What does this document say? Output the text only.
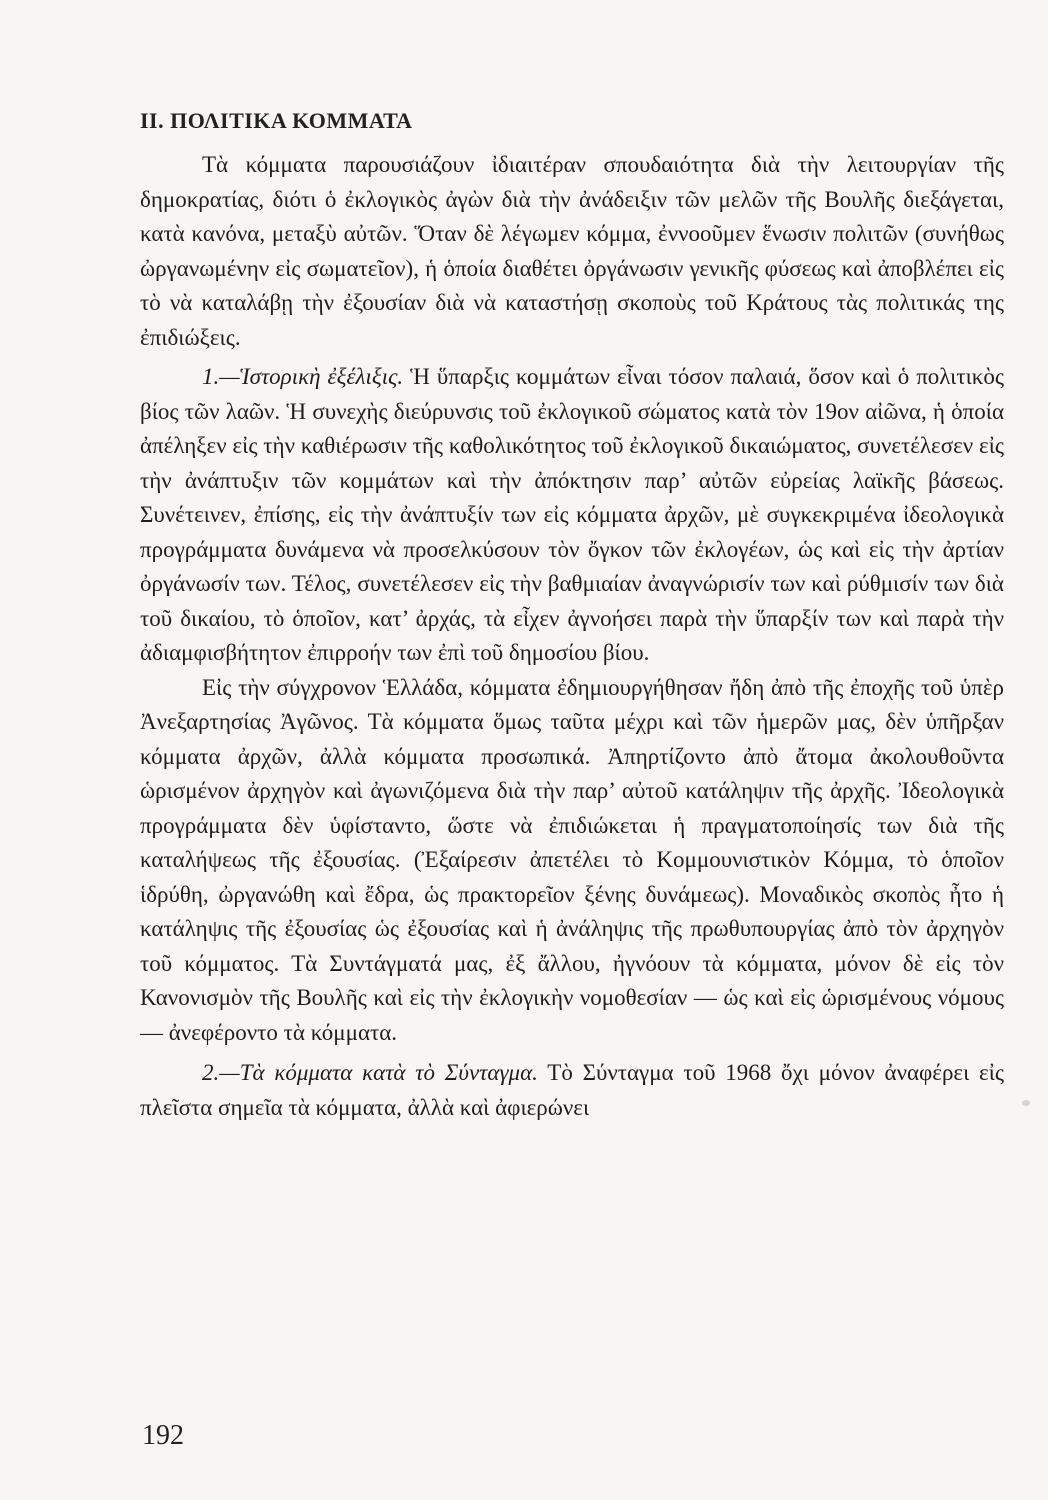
ΙΙ. ΠΟΛΙΤΙΚΑ ΚΟΜΜΑΤΑ

Τὰ κόμματα παρουσιάζουν ἰδιαιτέραν σπουδαιότητα διὰ τὴν λειτουργίαν τῆς δημοκρατίας, διότι ὁ ἐκλογικὸς ἀγὼν διὰ τὴν ἀνάδειξιν τῶν μελῶν τῆς Βουλῆς διεξάγεται, κατὰ κανόνα, μεταξὺ αὐτῶν. Ὅταν δὲ λέγωμεν κόμμα, ἐννοοῦμεν ἕνωσιν πολιτῶν (συνήθως ὠργανωμένην εἰς σωματεῖον), ἡ ὁποία διαθέτει ὀργάνωσιν γενικῆς φύσεως καὶ ἀποβλέπει εἰς τὸ νὰ καταλάβῃ τὴν ἐξουσίαν διὰ νὰ καταστήσῃ σκοποὺς τοῦ Κράτους τὰς πολιτικάς της ἐπιδιώξεις.

1.—Ἱστορικὴ ἐξέλιξις. Ἡ ὕπαρξις κομμάτων εἶναι τόσον παλαιά, ὅσον καὶ ὁ πολιτικὸς βίος τῶν λαῶν. Ἡ συνεχὴς διεύρυνσις τοῦ ἐκλογικοῦ σώματος κατὰ τὸν 19ον αἰῶνα, ἡ ὁποία ἀπέληξεν εἰς τὴν καθιέρωσιν τῆς καθολικότητος τοῦ ἐκλογικοῦ δικαιώματος, συνετέλεσεν εἰς τὴν ἀνάπτυξιν τῶν κομμάτων καὶ τὴν ἀπόκτησιν παρ’ αὐτῶν εὐρείας λαϊκῆς βάσεως. Συνέτεινεν, ἐπίσης, εἰς τὴν ἀνάπτυξίν των εἰς κόμματα ἀρχῶν, μὲ συγκεκριμένα ἰδεολογικὰ προγράμματα δυνάμενα νὰ προσελκύσουν τὸν ὄγκον τῶν ἐκλογέων, ὡς καὶ εἰς τὴν ἀρτίαν ὀργάνωσίν των. Τέλος, συνετέλεσεν εἰς τὴν βαθμιαίαν ἀναγνώρισίν των καὶ ρύθμισίν των διὰ τοῦ δικαίου, τὸ ὁποῖον, κατ’ ἀρχάς, τὰ εἶχεν ἀγνοήσει παρὰ τὴν ὕπαρξίν των καὶ παρὰ τὴν ἀδιαμφισβήτητον ἐπιρροήν των ἐπὶ τοῦ δημοσίου βίου.

Εἰς τὴν σύγχρονον Ἑλλάδα, κόμματα ἐδημιουργήθησαν ἤδη ἀπὸ τῆς ἐποχῆς τοῦ ὑπὲρ Ἀνεξαρτησίας Ἀγῶνος. Τὰ κόμματα ὅμως ταῦτα μέχρι καὶ τῶν ἡμερῶν μας, δὲν ὑπῆρξαν κόμματα ἀρχῶν, ἀλλὰ κόμματα προσωπικά. Ἀπηρτίζοντο ἀπὸ ἄτομα ἀκολουθοῦντα ὡρισμένον ἀρχηγὸν καὶ ἀγωνιζόμενα διὰ τὴν παρ’ αὐτοῦ κατάληψιν τῆς ἀρχῆς. Ἰδεολογικὰ προγράμματα δὲν ὑφίσταντο, ὥστε νὰ ἐπιδιώκεται ἡ πραγματοποίησίς των διὰ τῆς καταλήψεως τῆς ἐξουσίας. (Ἐξαίρεσιν ἀπετέλει τὸ Κομμουνιστικὸν Κόμμα, τὸ ὁποῖον ἱδρύθη, ὠργανώθη καὶ ἔδρα, ὡς πρακτορεῖον ξένης δυνάμεως). Μοναδικὸς σκοπὸς ἦτο ἡ κατάληψις τῆς ἐξουσίας ὡς ἐξουσίας καὶ ἡ ἀνάληψις τῆς πρωθυπουργίας ἀπὸ τὸν ἀρχηγὸν τοῦ κόμματος. Τὰ Συντάγματά μας, ἐξ ἄλλου, ἠγνόουν τὰ κόμματα, μόνον δὲ εἰς τὸν Κανονισμὸν τῆς Βουλῆς καὶ εἰς τὴν ἐκλογικὴν νομοθεσίαν — ὡς καὶ εἰς ὡρισμένους νόμους — ἀνεφέροντο τὰ κόμματα.

2.—Τὰ κόμματα κατὰ τὸ Σύνταγμα. Τὸ Σύνταγμα τοῦ 1968 ὄχι μόνον ἀναφέρει εἰς πλεῖστα σημεῖα τὰ κόμματα, ἀλλὰ καὶ ἀφιερώνει

192
